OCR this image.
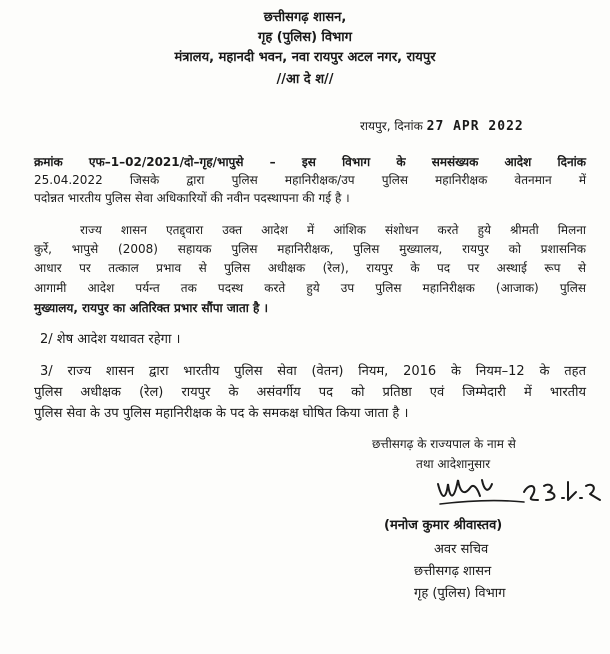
छत्तीसगढ़ शासन,
गृह (पुलिस) विभाग
मंत्रालय, महानदी भवन, नवा रायपुर अटल नगर, रायपुर
//आ दे श//
रायपुर, दिनांक 27 APR 2022
क्रमांक एफ–1–02/2021/दो–गृह/भापुसे – इस विभाग के समसंख्यक आदेश दिनांक
25.04.2022 जिसके द्वारा पुलिस महानिरीक्षक/उप पुलिस महानिरीक्षक वेतनमान में
पदोन्नत भारतीय पुलिस सेवा अधिकारियों की नवीन पदस्थापना की गई है ।
राज्य शासन एतद्द्वारा उक्त आदेश में आंशिक संशोधन करते हुये श्रीमती मिलना
कुर्रे, भापुसे (2008) सहायक पुलिस महानिरीक्षक, पुलिस मुख्यालय, रायपुर को प्रशासनिक
आधार पर तत्काल प्रभाव से पुलिस अधीक्षक (रेल), रायपुर के पद पर अस्थाई रूप से
आगामी आदेश पर्यन्त तक पदस्थ करते हुये उप पुलिस महानिरीक्षक (आजाक) पुलिस
मुख्यालय, रायपुर का अतिरिक्त प्रभार सौंपा जाता है ।
2/ शेष आदेश यथावत रहेगा ।
3/ राज्य शासन द्वारा भारतीय पुलिस सेवा (वेतन) नियम, 2016 के नियम–12 के तहत
पुलिस अधीक्षक (रेल) रायपुर के असंवर्गीय पद को प्रतिष्ठा एवं जिम्मेदारी में भारतीय
पुलिस सेवा के उप पुलिस महानिरीक्षक के पद के समकक्ष घोषित किया जाता है ।
छत्तीसगढ़ के राज्यपाल के नाम से
तथा आदेशानुसार
(मनोज कुमार श्रीवास्तव)
अवर सचिव
छत्तीसगढ़ शासन
गृह (पुलिस) विभाग
